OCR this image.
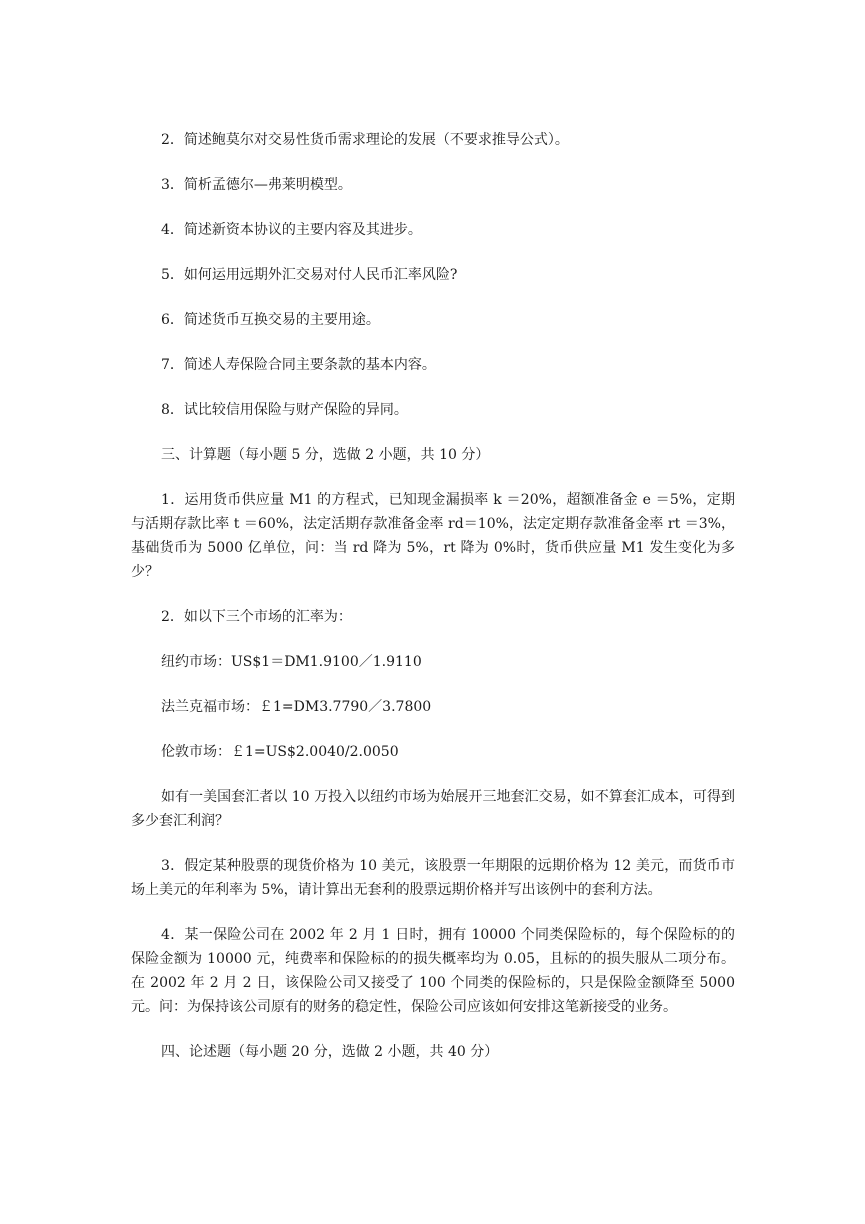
2．简述鲍莫尔对交易性货币需求理论的发展（不要求推导公式）。

3．简析孟德尔—弗莱明模型。

4．简述新资本协议的主要内容及其进步。

5．如何运用远期外汇交易对付人民币汇率风险?

6．简述货币互换交易的主要用途。

7．简述人寿保险合同主要条款的基本内容。

8．试比较信用保险与财产保险的异同。

三、计算题（每小题 5 分，选做 2 小题，共 10 分）

1．运用货币供应量 M1 的方程式，已知现金漏损率 k ＝20%，超额准备金 e ＝5%，定期与活期存款比率 t ＝60%，法定活期存款准备金率 rd＝10%，法定定期存款准备金率 rt ＝3%，基础货币为 5000 亿单位，问：当 rd 降为 5%，rt 降为 0%时，货币供应量 M1 发生变化为多少？

2．如以下三个市场的汇率为：

纽约市场：US$1＝DM1.9100／1.9110

法兰克福市场：￡1=DM3.7790／3.7800

伦敦市场：￡1=US$2.0040/2.0050

如有一美国套汇者以 10 万投入以纽约市场为始展开三地套汇交易，如不算套汇成本，可得到多少套汇利润？

3．假定某种股票的现货价格为 10 美元，该股票一年期限的远期价格为 12 美元，而货币市场上美元的年利率为 5%，请计算出无套利的股票远期价格并写出该例中的套利方法。

4．某一保险公司在 2002 年 2 月 1 日时，拥有 10000 个同类保险标的，每个保险标的的保险金额为 10000 元，纯费率和保险标的的损失概率均为 0.05，且标的的损失服从二项分布。在 2002 年 2 月 2 日，该保险公司又接受了 100 个同类的保险标的，只是保险金额降至 5000 元。问：为保持该公司原有的财务的稳定性，保险公司应该如何安排这笔新接受的业务。

四、论述题（每小题 20 分，选做 2 小题，共 40 分）
